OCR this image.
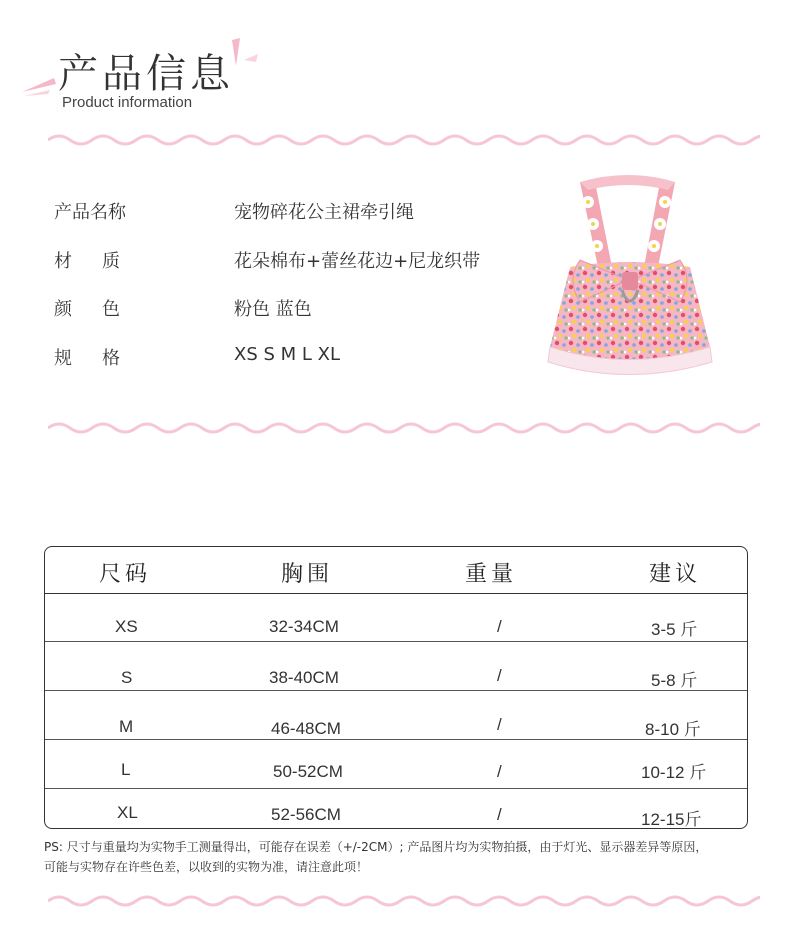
产品信息
Product information
产品名称	宠物碎花公主裙牵引绳
材质	花朵棉布+蕾丝花边+尼龙织带
颜色	粉色 蓝色
规格	XS S M L XL
尺码	胸围	重量	建议
XS	32-34CM	/	3-5 斤
S	38-40CM	/	5-8 斤
M	46-48CM	/	8-10 斤
L	50-52CM	/	10-12 斤
XL	52-56CM	/	12-15斤
PS: 尺寸与重量均为实物手工测量得出，可能存在误差（+/-2CM）; 产品图片均为实物拍摄，由于灯光、显示器差异等原因，
可能与实物存在许些色差，以收到的实物为准，请注意此项！
